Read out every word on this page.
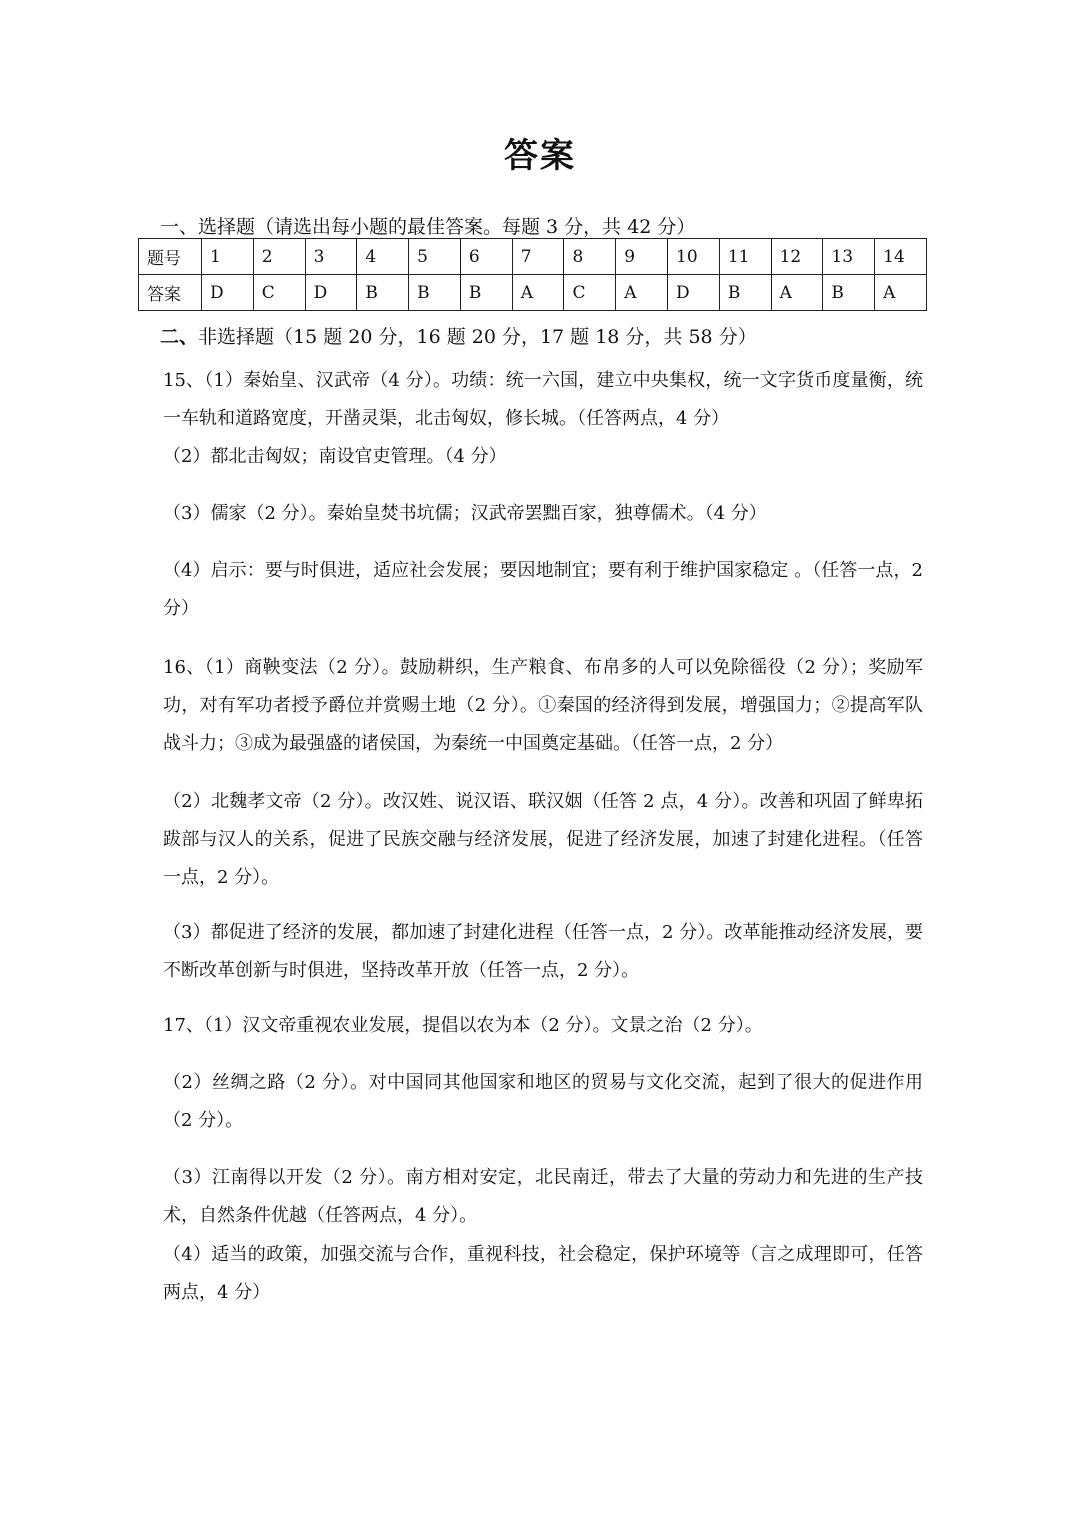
答案
一、选择题（请选出每小题的最佳答案。每题 3 分，共 42 分）
题号	1	2	3	4	5	6	7	8	9	10	11	12	13	14
答案	D	C	D	B	B	B	A	C	A	D	B	A	B	A
二、非选择题（15 题 20 分，16 题 20 分，17 题 18 分，共 58 分）
15、（1）秦始皇、汉武帝（4 分）。功绩：统一六国，建立中央集权，统一文字货币度量衡，统一车轨和道路宽度，开凿灵渠，北击匈奴，修长城。（任答两点，4 分）
（2）都北击匈奴；南设官吏管理。（4 分）
（3）儒家（2 分）。秦始皇焚书坑儒；汉武帝罢黜百家，独尊儒术。（4 分）
（4）启示：要与时俱进，适应社会发展；要因地制宜；要有利于维护国家稳定 。（任答一点，2 分）
16、（1）商鞅变法（2 分）。鼓励耕织，生产粮食、布帛多的人可以免除徭役（2 分）；奖励军功，对有军功者授予爵位并赏赐土地（2 分）。①秦国的经济得到发展，增强国力；②提高军队战斗力；③成为最强盛的诸侯国，为秦统一中国奠定基础。（任答一点，2 分）
（2）北魏孝文帝（2 分）。改汉姓、说汉语、联汉姻（任答 2 点，4 分）。改善和巩固了鲜卑拓跋部与汉人的关系，促进了民族交融与经济发展，促进了经济发展，加速了封建化进程。（任答一点，2 分）。
（3）都促进了经济的发展，都加速了封建化进程（任答一点，2 分）。改革能推动经济发展，要不断改革创新与时俱进，坚持改革开放（任答一点，2 分）。
17、（1）汉文帝重视农业发展，提倡以农为本（2 分）。文景之治（2 分）。
（2）丝绸之路（2 分）。对中国同其他国家和地区的贸易与文化交流，起到了很大的促进作用（2 分）。
（3）江南得以开发（2 分）。南方相对安定，北民南迁，带去了大量的劳动力和先进的生产技术，自然条件优越（任答两点，4 分）。
（4）适当的政策，加强交流与合作，重视科技，社会稳定，保护环境等（言之成理即可，任答两点，4 分）
